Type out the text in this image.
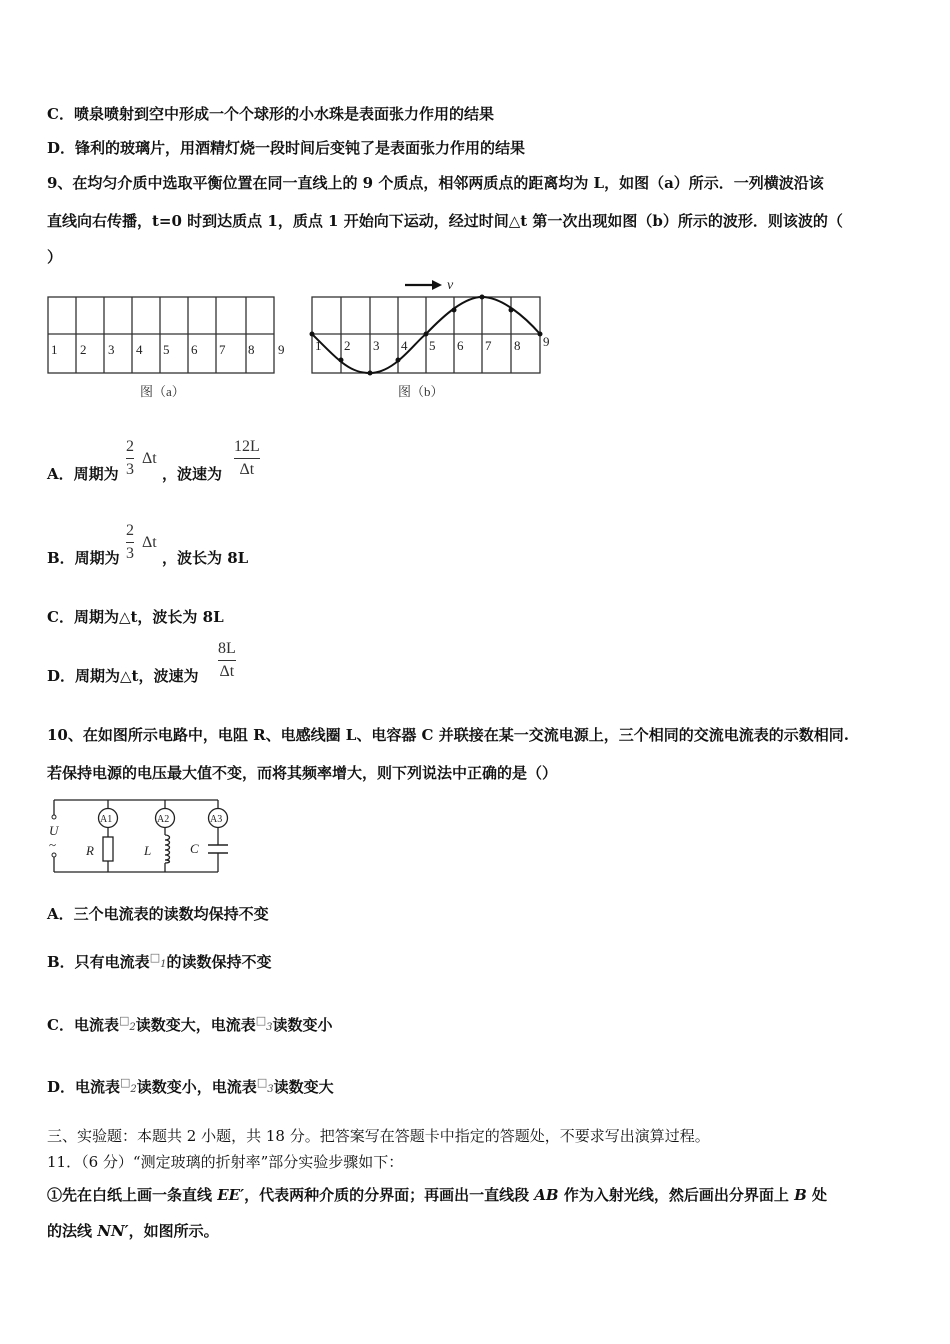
C．喷泉喷射到空中形成一个个球形的小水珠是表面张力作用的结果
D．锋利的玻璃片，用酒精灯烧一段时间后变钝了是表面张力作用的结果
9、在均匀介质中选取平衡位置在同一直线上的 9 个质点，相邻两质点的距离均为 L，如图（a）所示．一列横波沿该
直线向右传播，t=0 时到达质点 1，质点 1 开始向下运动，经过时间△t 第一次出现如图（b）所示的波形．则该波的（
）
1 2 3 4 5 6 7 8 9
图（a）
1 2 3 4 5 6 7 8 9
v
图（b）
A．周期为
2
3
Δt
，波速为
12L
Δt
B．周期为
2
3
Δt
，波长为 8L
C．周期为△t，波长为 8L
D．周期为△t，波速为
8L
Δt
10、在如图所示电路中，电阻 R、电感线圈 L、电容器 C 并联接在某一交流电源上，三个相同的交流电流表的示数相同.
若保持电源的电压最大值不变，而将其频率增大，则下列说法中正确的是（）
A1	A2	A3
U
~ R	L	C
A．三个电流表的读数均保持不变
B．只有电流表□1的读数保持不变
C．电流表□2读数变大，电流表□3读数变小
D．电流表□2读数变小，电流表□3读数变大
三、实验题：本题共 2 小题，共 18 分。把答案写在答题卡中指定的答题处，不要求写出演算过程。
11．（6 分）“测定玻璃的折射率”部分实验步骤如下：
①先在白纸上画一条直线 EE′，代表两种介质的分界面；再画出一直线段 AB 作为入射光线，然后画出分界面上 B 处
的法线 NN′，如图所示。
